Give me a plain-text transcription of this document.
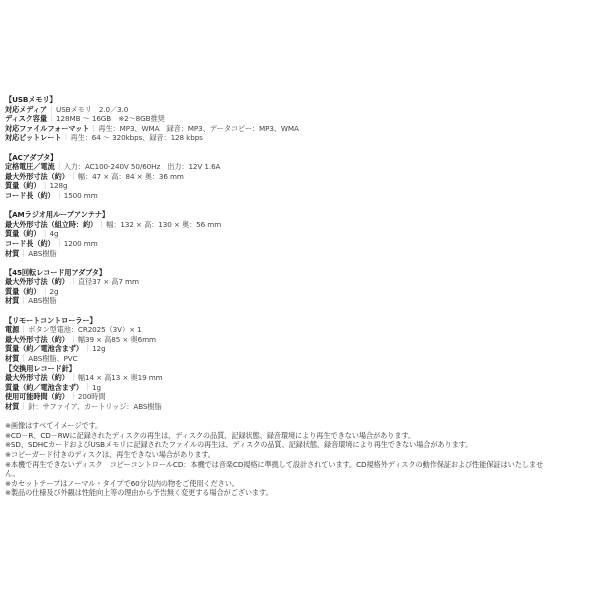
【USBメモリ】
対応メディア｜USBメモリ　2.0／3.0
ディスク容量｜128MB ～ 16GB　※2～8GB推奨
対応ファイルフォーマット｜再生：MP3、WMA　録音：MP3、データコピー：MP3、WMA
対応ビットレート｜再生：64 ～ 320kbps、録音：128 kbps
【ACアダプタ】
定格電圧／電流｜入力：AC100-240V 50/60Hz　出力：12V 1.6A
最大外形寸法（約）｜幅：47 × 高：84 × 奥：36 mm
質量（約）｜128g
コード長（約）｜1500 mm
【AMラジオ用ループアンテナ】
最大外形寸法（組立時：約）｜幅：132 × 高：130 × 奥：56 mm
質量（約）｜4g
コード長（約）｜1200 mm
材質｜ABS樹脂
【45回転レコード用アダプタ】
最大外形寸法（約）｜直径37 × 高7 mm
質量（約）｜2g
材質｜ABS樹脂
【リモートコントローラー】
電源｜ボタン型電池：CR2025（3V）× 1
最大外形寸法（約）｜幅39 × 高85 × 奥6mm
質量（約／電池含まず）｜12g
材質｜ABS樹脂、PVC
【交換用レコード針】
最大外形寸法（約）｜幅14 × 高13 × 奥19 mm
質量（約／電池含まず）｜1g
使用可能時間（約）｜200時間
材質｜針：サファイア、カートリッジ：ABS樹脂
※画像はすべてイメージです。
※CD－R、CD－RWに記録されたディスクの再生は、ディスクの品質、記録状態、録音環境により再生できない場合があります。
※SD、SDHCカードおよびUSBメモリに記録されたファイルの再生は、ディスクの品質、記録状態、録音環境により再生できない場合があります。
※コピーガード付きのディスクは、再生できない場合があります。
※本機で再生できないディスク　コピーコントロールCD：本機では音楽CD規格に準拠して設計されています。CD規格外ディスクの動作保証および性能保証はいたしませ
ん。
※カセットテープはノーマル・タイプで60分以内の物をご使用ください。
※製品の仕様及び外観は性能向上等の理由から予告無く変更する場合がございます。
